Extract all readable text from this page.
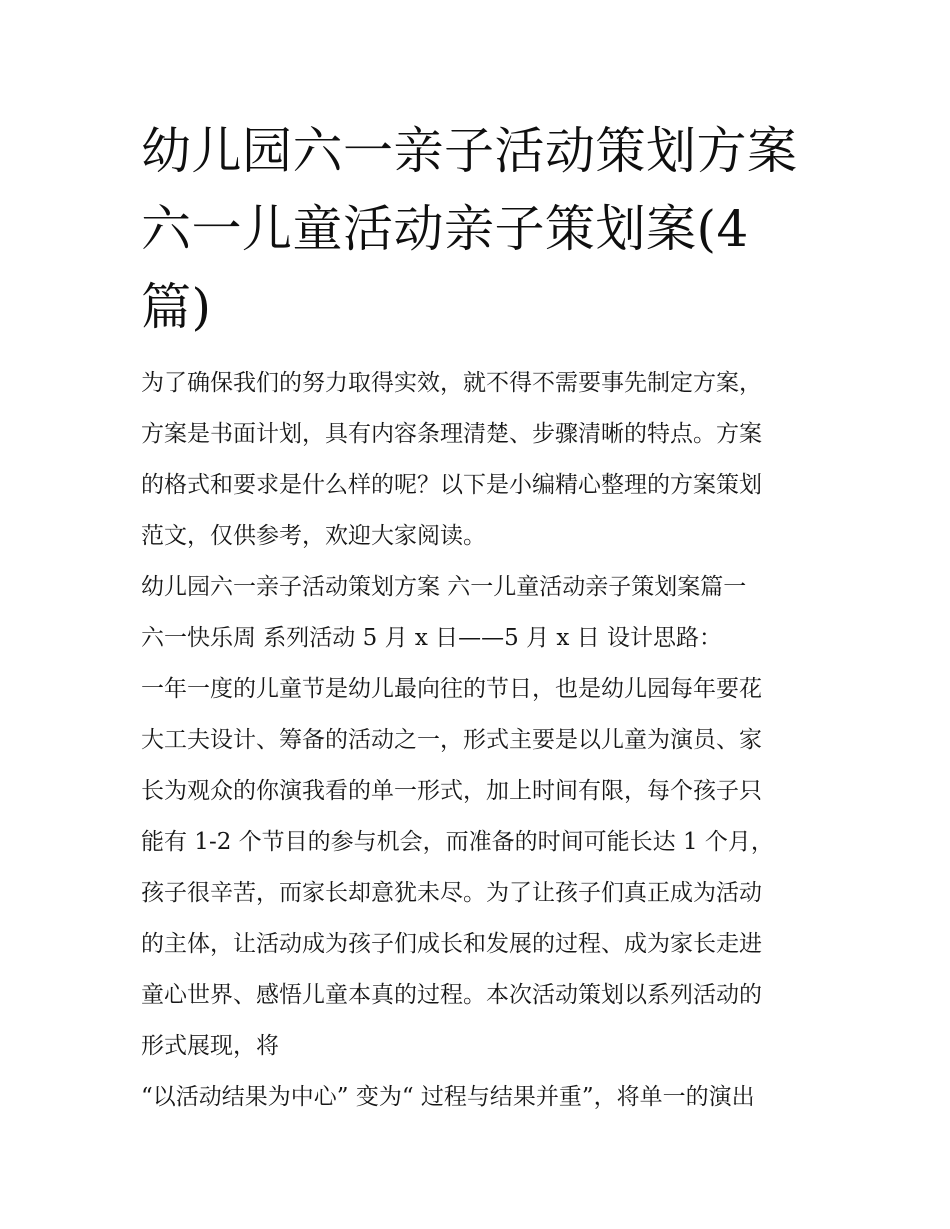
幼儿园六一亲子活动策划方案
六一儿童活动亲子策划案(4
篇)

为了确保我们的努力取得实效，就不得不需要事先制定方案，
方案是书面计划，具有内容条理清楚、步骤清晰的特点。方案
的格式和要求是什么样的呢？以下是小编精心整理的方案策划
范文，仅供参考，欢迎大家阅读。

幼儿园六一亲子活动策划方案 六一儿童活动亲子策划案篇一

六一快乐周 系列活动 5 月 x 日——5 月 x 日 设计思路：

一年一度的儿童节是幼儿最向往的节日，也是幼儿园每年要花
大工夫设计、筹备的活动之一，形式主要是以儿童为演员、家
长为观众的你演我看的单一形式，加上时间有限，每个孩子只
能有 1-2 个节目的参与机会，而准备的时间可能长达 1 个月，
孩子很辛苦，而家长却意犹未尽。为了让孩子们真正成为活动
的主体，让活动成为孩子们成长和发展的过程、成为家长走进
童心世界、感悟儿童本真的过程。本次活动策划以系列活动的
形式展现，将

“以活动结果为中心” 变为“ 过程与结果并重”，将单一的演出
